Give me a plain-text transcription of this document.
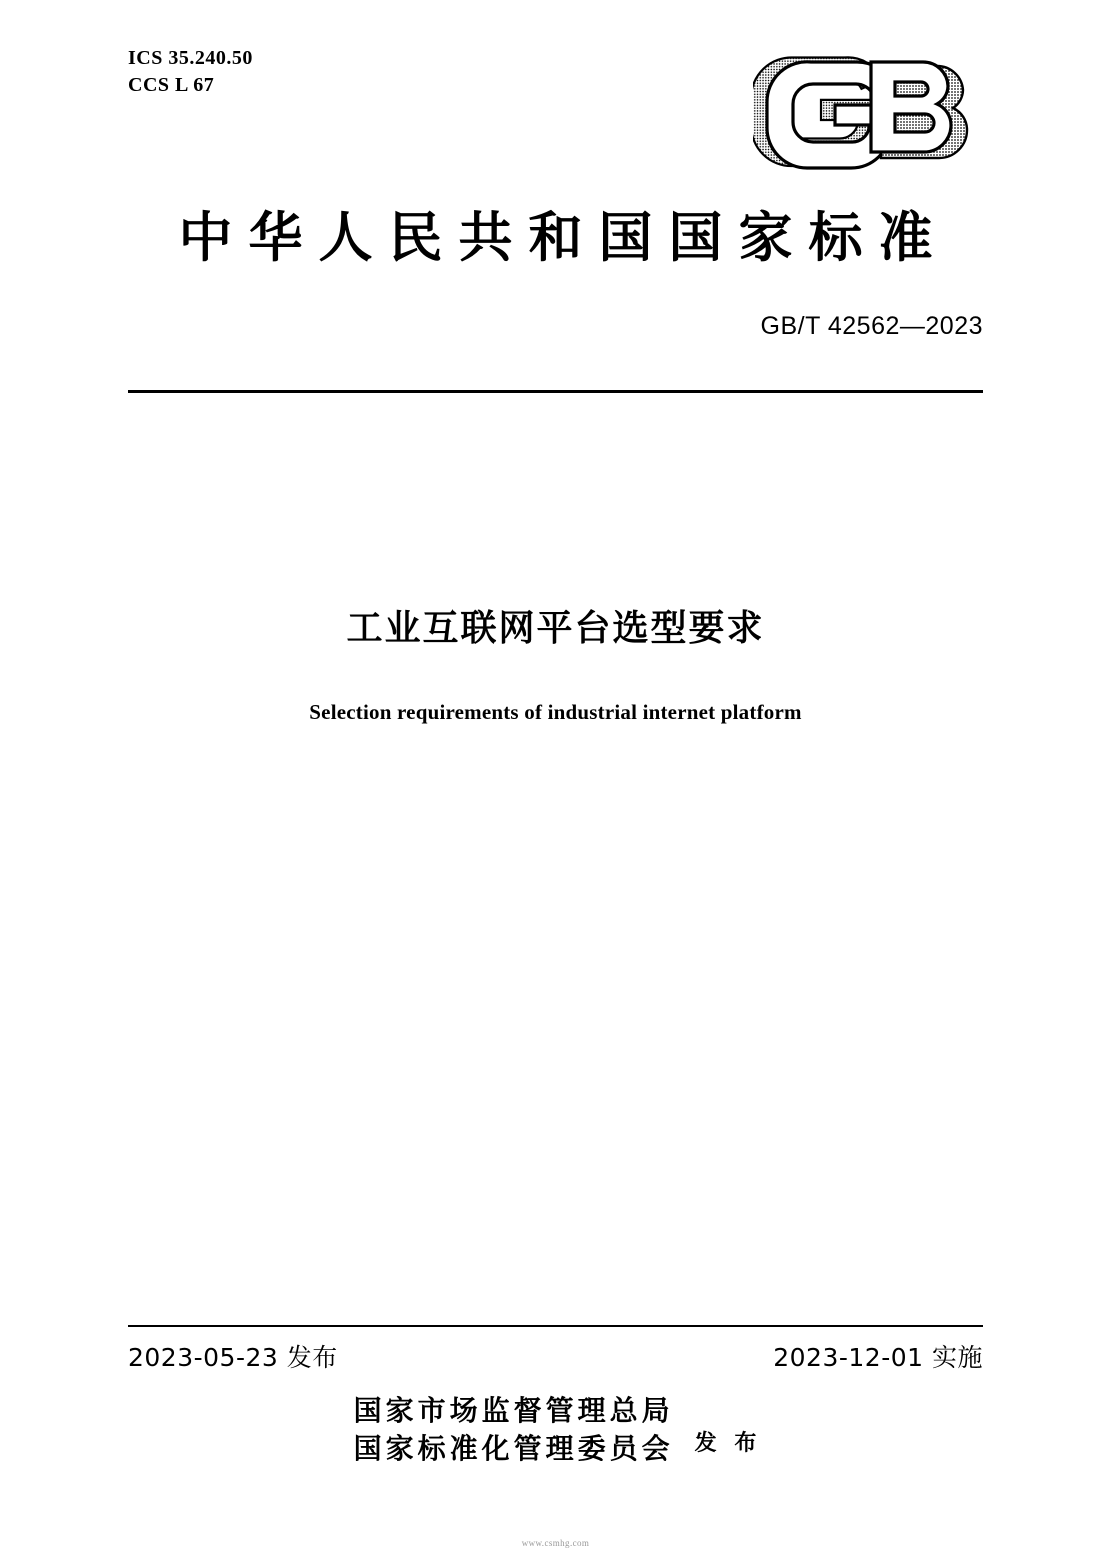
ICS 35.240.50
CCS L 67
中华人民共和国国家标准
GB/T 42562—2023
工业互联网平台选型要求
Selection requirements of industrial internet platform
2023-05-23 发布	2023-12-01 实施
国家市场监督管理总局
国家标准化管理委员会 发 布
www.csmhg.com
